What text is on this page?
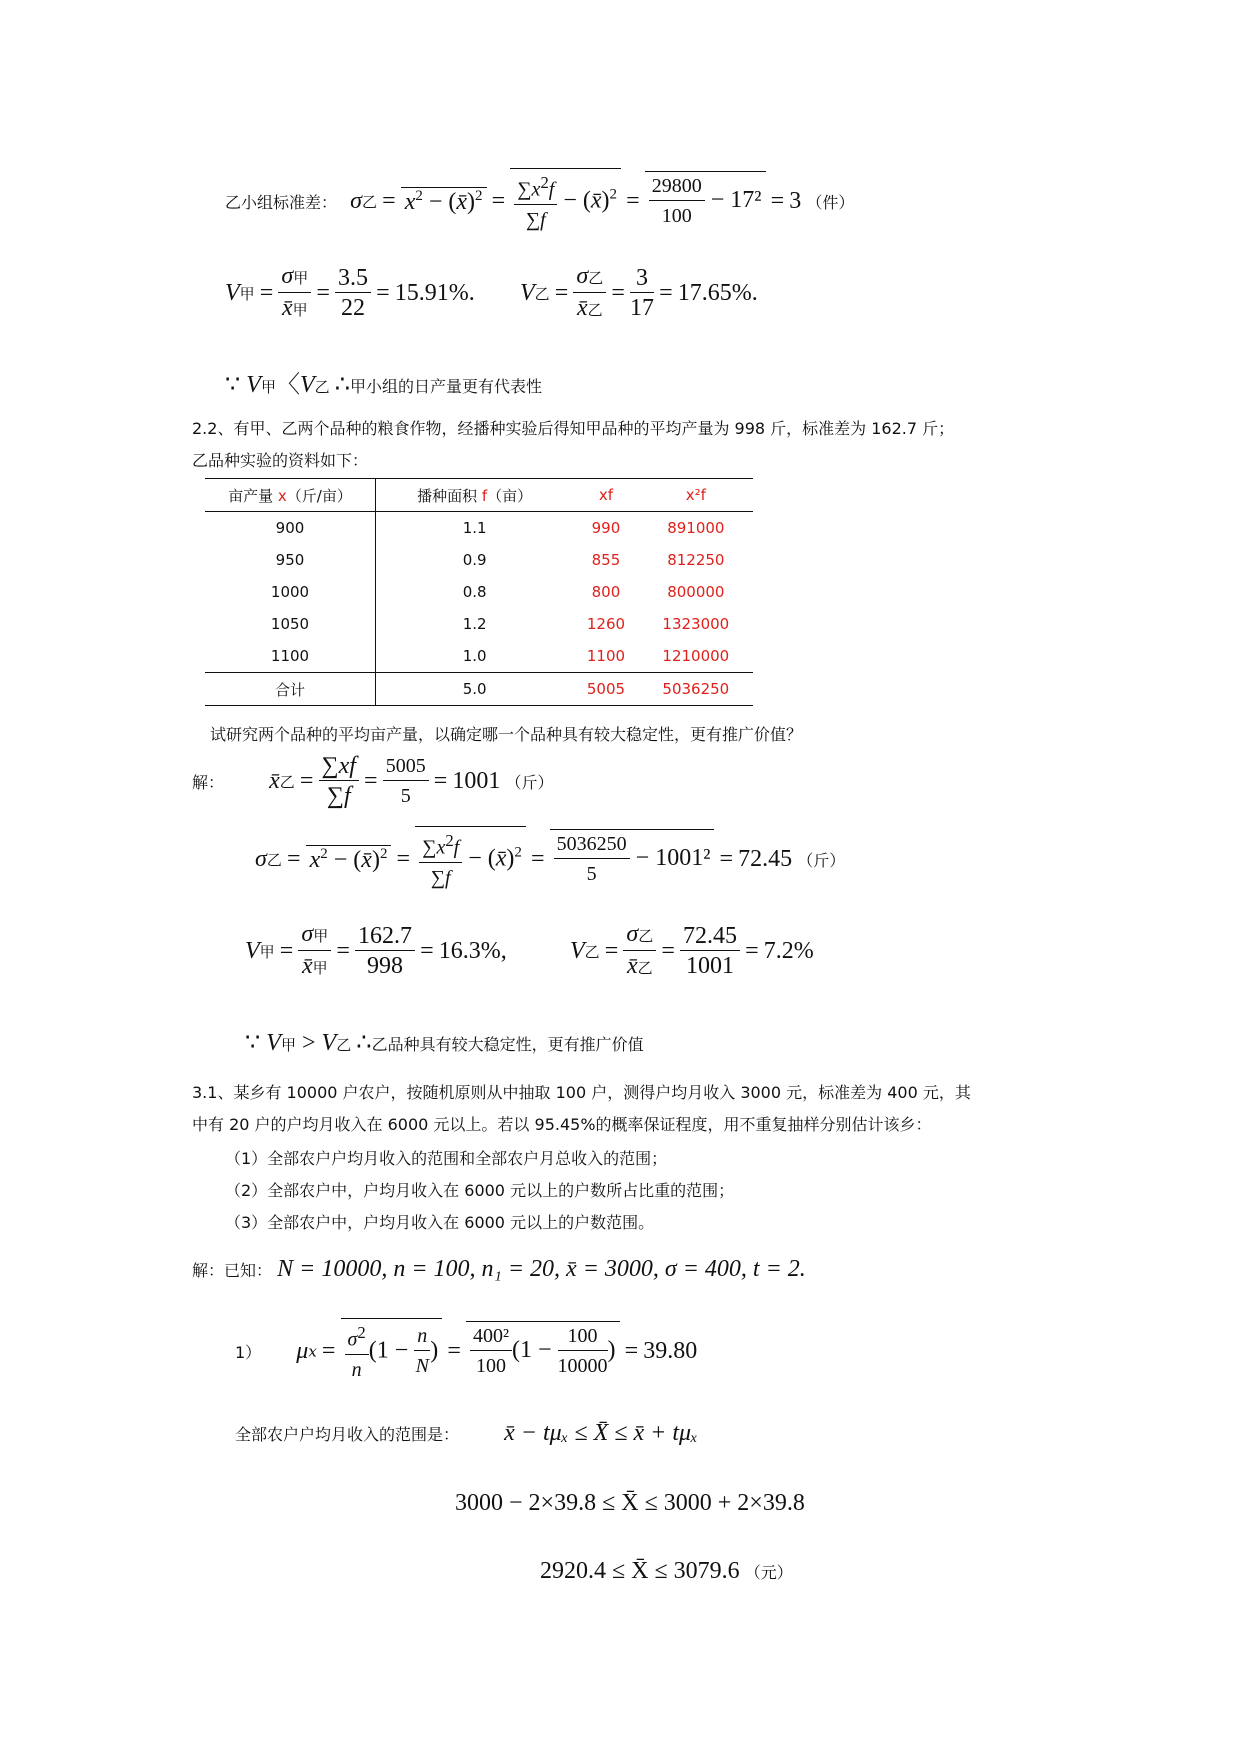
乙小组标准差： σ乙 = $x^2$ − (x̄)$^2$ = $\frac{\sum x^2f}{\sum f}$ − (x̄)$^2$ = $\frac{29800}{100} - 17^2 = 3$ （件）
V甲 = $\frac{\text{σ甲}}{\text{x̄甲}} = \frac{3.5}{22} = 15.91\%$. V乙 = $\frac{\text{σ乙}}{\text{x̄乙}} = \frac{3}{17} = 17.65\%$.
∵ V甲〈V乙 ∴甲小组的日产量更有代表性
2.2、有甲、乙两个品种的粮食作物，经播种实验后得知甲品种的平均产量为 998 斤，标准差为 162.7 斤；
乙品种实验的资料如下：
亩产量 x（斤/亩）	播种面积 f（亩）	xf	x²f
900	1.1	990	891000
950	0.9	855	812250
1000	0.8	800	800000
1050	1.2	1260	1323000
1100	1.0	1100	1210000
合计	5.0	5005	5036250
试研究两个品种的平均亩产量，以确定哪一个品种具有较大稳定性，更有推广价值？
解： x̄乙 = $\frac{\sum xf}{\sum f} = \frac{5005}{5} = 1001$ （斤）
σ乙 = $x^2$ − (x̄)$^2$ = $\frac{\sum x^2f}{\sum f}$ − (x̄)$^2$ = $\frac{5036250}{5} - 1001^2 = 72.45$ （斤）
V甲 = $\frac{\text{σ甲}}{\text{x̄甲}} = \frac{162.7}{998} = 16.3\%$,	V乙 = $\frac{\text{σ乙}}{\text{x̄乙}} = \frac{72.45}{1001} = 7.2\%$
∵ V甲 > V乙 ∴乙品种具有较大稳定性，更有推广价值
3.1、某乡有 10000 户农户，按随机原则从中抽取 100 户，测得户均月收入 3000 元，标准差为 400 元，其
中有 20 户的户均月收入在 6000 元以上。若以 95.45%的概率保证程度，用不重复抽样分别估计该乡：
（1）全部农户户均月收入的范围和全部农户月总收入的范围；
（2）全部农户中，户均月收入在 6000 元以上的户数所占比重的范围；
（3）全部农户中，户均月收入在 6000 元以上的户数范围。
解：已知： N = 10000, n = 100, n₁ = 20, x̄ = 3000, σ = 400, t = 2.
1） $\mu x = \frac{\sigma^2}{n} (1 - \frac{n}{N}$ ) = $\frac{\text{400²}}{100} (1 - \frac{100}{10000}$ ) = 39.80
全部农户户均月收入的范围是： x̄ − tμₓ ≤ X̄ ≤ x̄ + tμₓ
3000 − 2×39.8 ≤ X̄ ≤ 3000 + 2×39.8
2920.4 ≤ X̄ ≤ 3079.6 （元）
